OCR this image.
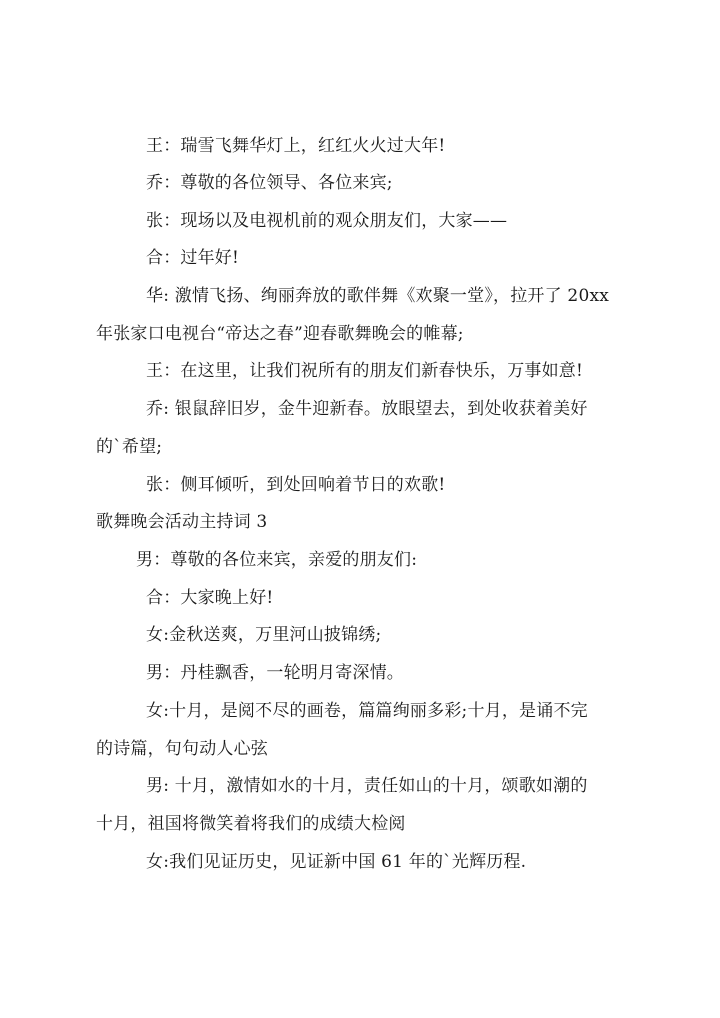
王：瑞雪飞舞华灯上，红红火火过大年!
乔：尊敬的各位领导、各位来宾;
张：现场以及电视机前的观众朋友们，大家——
合：过年好!
华: 激情飞扬、绚丽奔放的歌伴舞《欢聚一堂》，拉开了 20xx
年张家口电视台“帝达之春”迎春歌舞晚会的帷幕;
王：在这里，让我们祝所有的朋友们新春快乐，万事如意!
乔: 银鼠辞旧岁，金牛迎新春。放眼望去，到处收获着美好
的`希望;
张：侧耳倾听，到处回响着节日的欢歌!
歌舞晚会活动主持词 3
男：尊敬的各位来宾，亲爱的朋友们:
合：大家晚上好!
女:金秋送爽，万里河山披锦绣;
男：丹桂飘香，一轮明月寄深情。
女:十月，是阅不尽的画卷，篇篇绚丽多彩;十月，是诵不完
的诗篇，句句动人心弦
男: 十月，激情如水的十月，责任如山的十月，颂歌如潮的
十月，祖国将微笑着将我们的成绩大检阅
女:我们见证历史，见证新中国 61 年的`光辉历程.
